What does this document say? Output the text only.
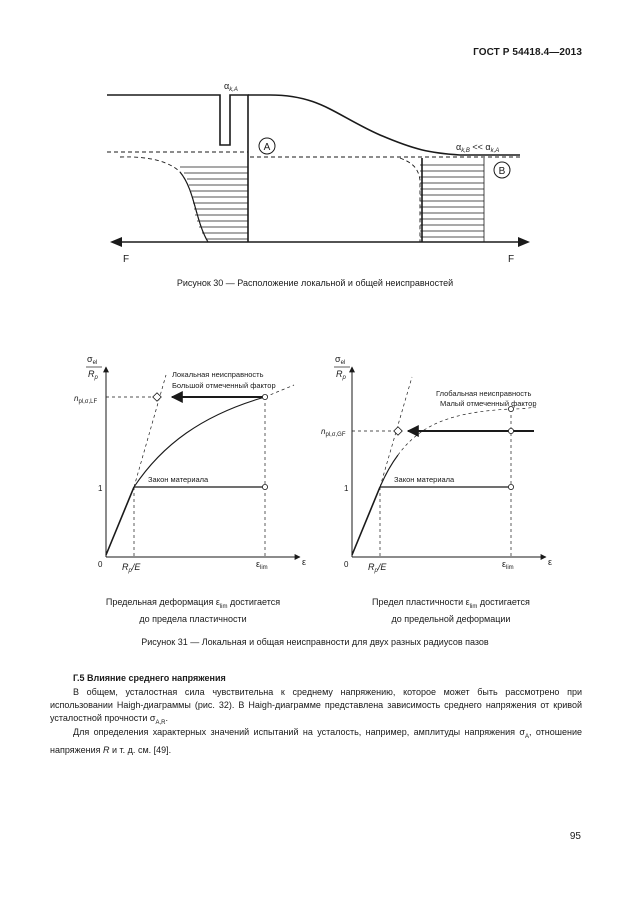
ГОСТ Р 54418.4—2013
A
B
$\alpha_{k,A}$
$\alpha_{k,B} << \alpha_{k,A}$
F	F
Рисунок 30 — Расположение локальной и общей неисправностей
$\sigma_{el}$
$R_p$
$n_{pl,\sigma,LF}$
1
0 $R_p/E$	$\varepsilon_{lim}$
ε
Локальная неисправность
Большой отмеченный фактор
Закон материала
$\sigma_{el}$
$R_p$
$n_{pl,\sigma,GF}$
1
0 $R_p/E$	$\varepsilon_{lim}$
ε
Глобальная неисправность
Малый отмеченный фактор
Закон материала
Предельная деформация $\varepsilon_{lim}$ достигается
до предела пластичности
Предел пластичности $\varepsilon_{lim}$ достигается
до предельной деформации
Рисунок 31 — Локальная и общая неисправности для двух разных радиусов пазов
Г.5 Влияние среднего напряжения

В общем, усталостная сила чувствительна к среднему напряжению, которое может быть рассмотрено при использовании Haigh-диаграммы (рис. 32). В Haigh-диаграмме представлена зависимость среднего напряжения от кривой усталостной прочности $\sigma_{A,R}$.

Для определения характерных значений испытаний на усталость, например, амплитуды напряжения $\sigma_A$, отношение напряжения R и т. д. см. [49].

95
